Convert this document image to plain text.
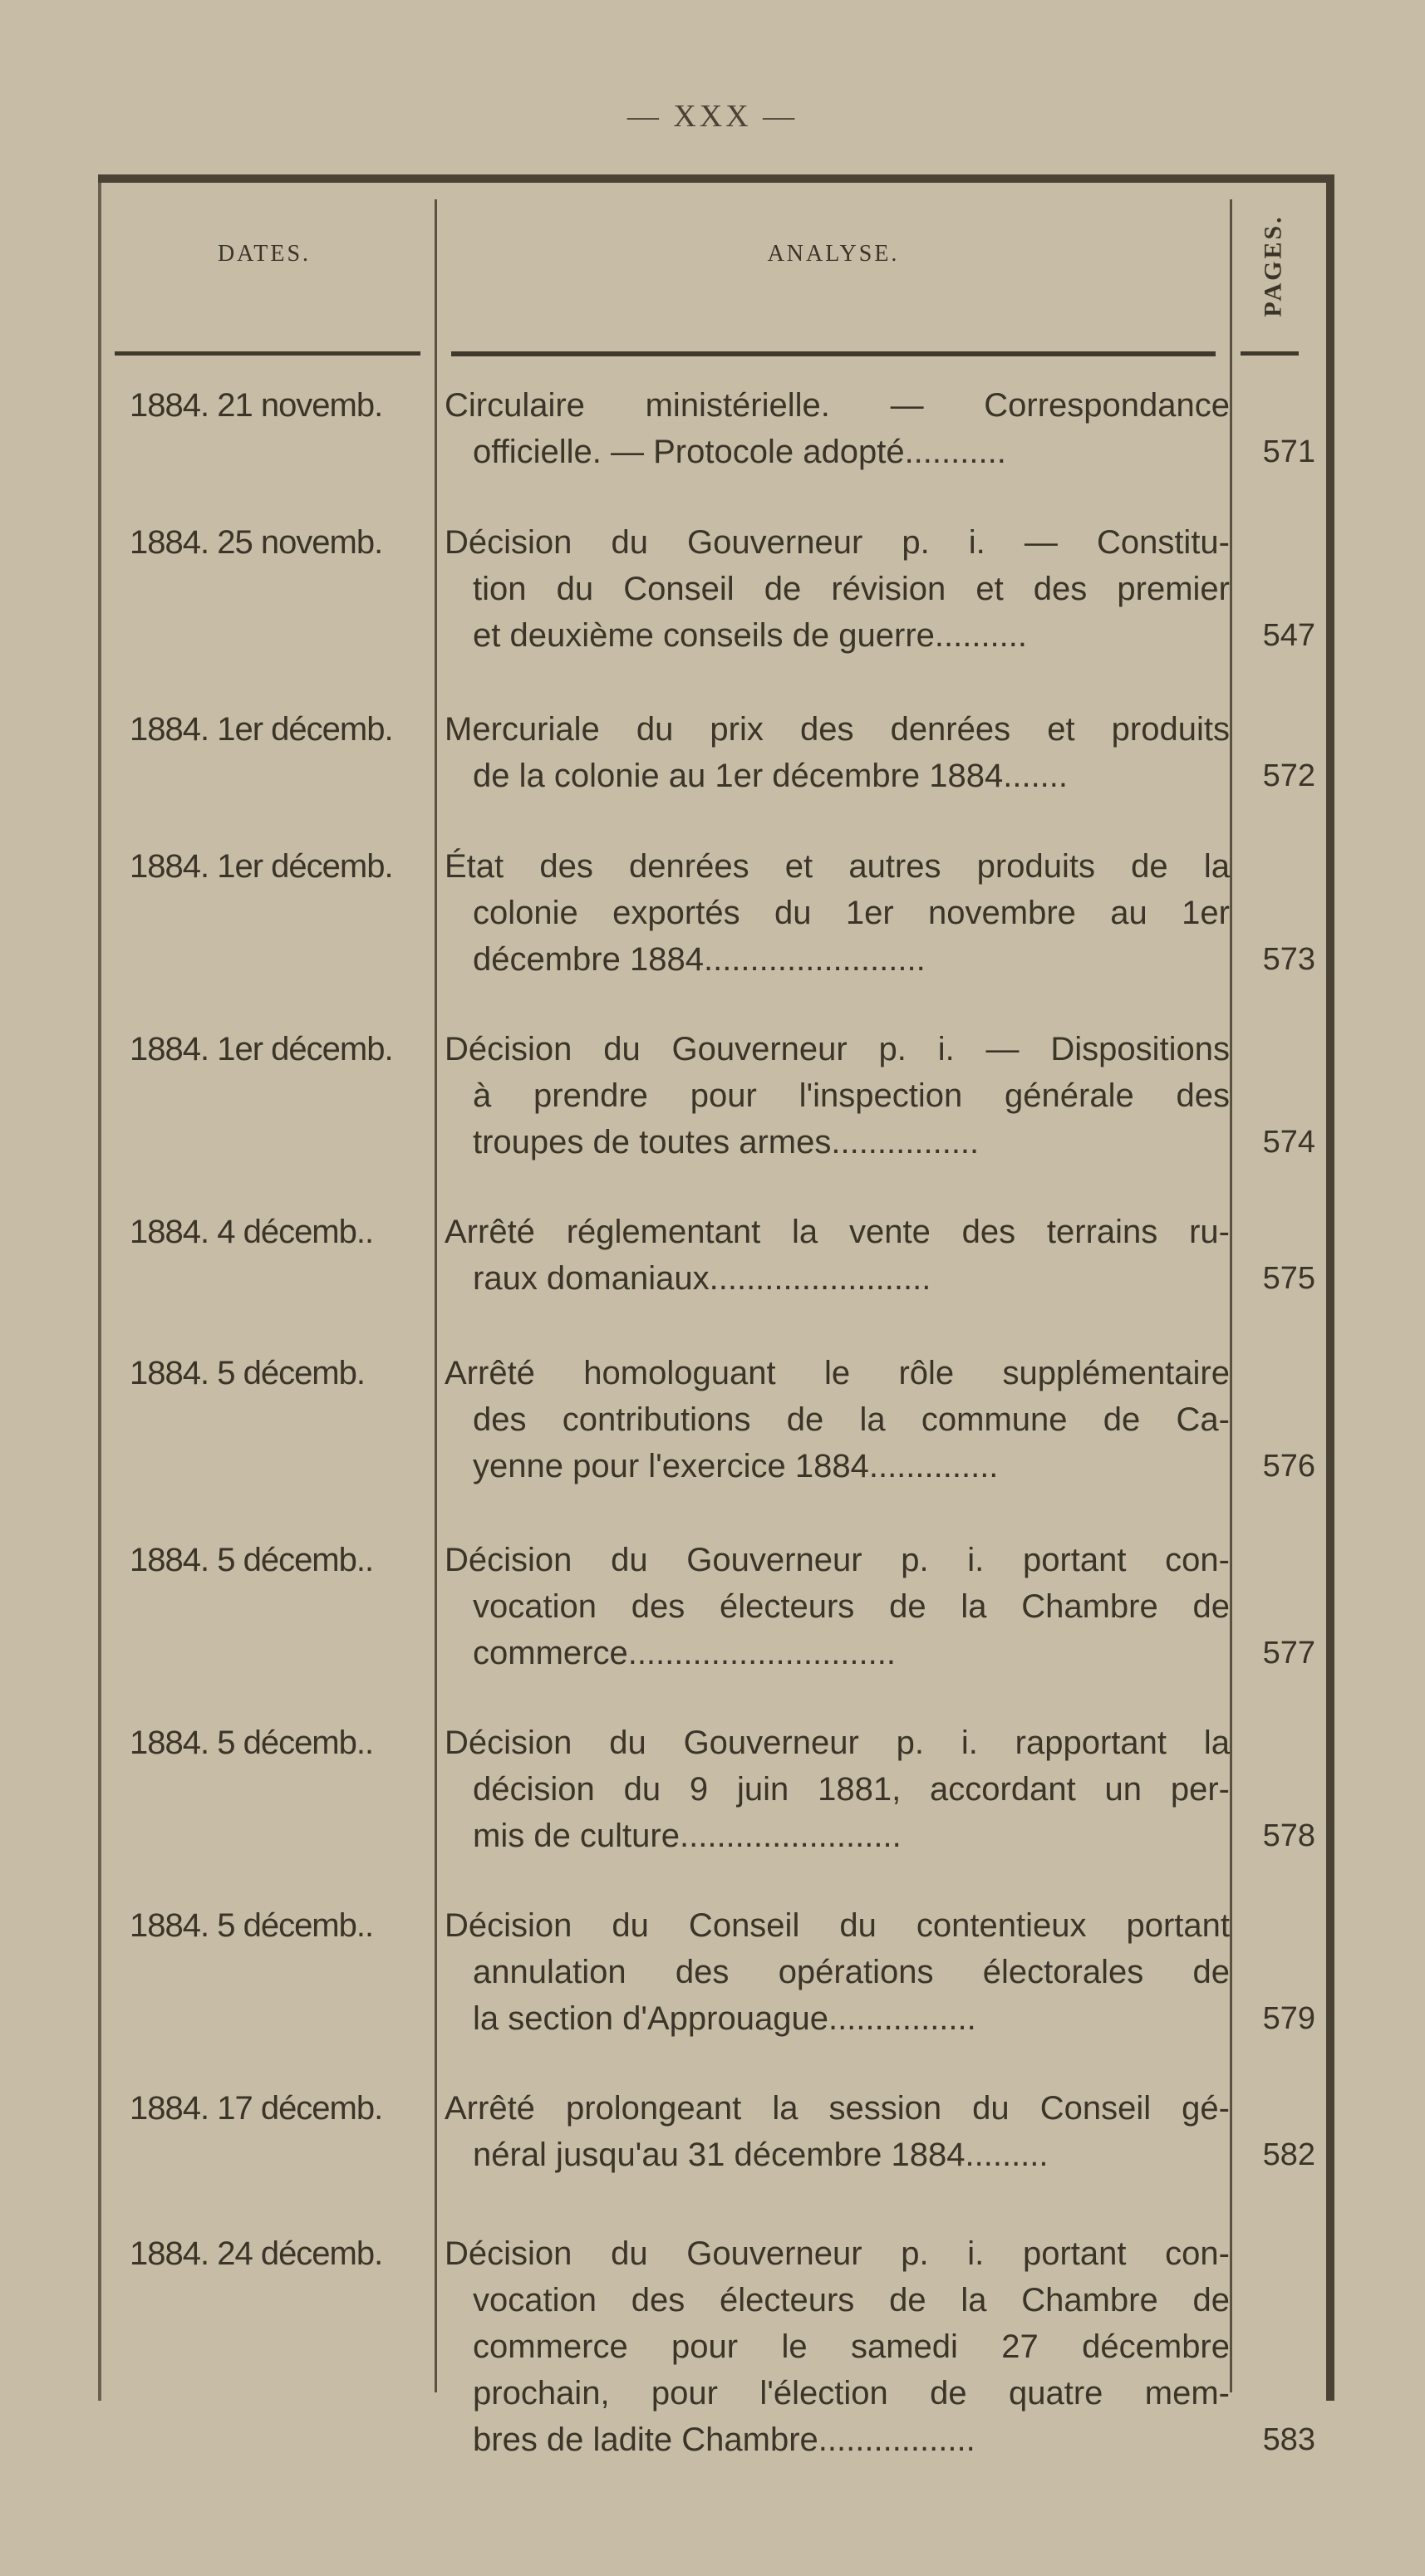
— XXX —
DATES.	ANALYSE.	PAGES.
1884. 21 novemb.	Circulaire ministérielle. — Correspondance
officielle. — Protocole adopté...........	571
1884. 25 novemb.	Décision du Gouverneur p. i. — Constitu-
tion du Conseil de révision et des premier
et deuxième conseils de guerre..........	547
1884. 1er décemb.	Mercuriale du prix des denrées et produits
de la colonie au 1er décembre 1884.......	572
1884. 1er décemb.	État des denrées et autres produits de la
colonie exportés du 1er novembre au 1er
décembre 1884........................	573
1884. 1er décemb.	Décision du Gouverneur p. i. — Dispositions
à prendre pour l'inspection générale des
troupes de toutes armes................	574
1884. 4 décemb..	Arrêté réglementant la vente des terrains ru-
raux domaniaux........................	575
1884. 5 décemb.	Arrêté homologuant le rôle supplémentaire
des contributions de la commune de Ca-
yenne pour l'exercice 1884..............	576
1884. 5 décemb..	Décision du Gouverneur p. i. portant con-
vocation des électeurs de la Chambre de
commerce.............................	577
1884. 5 décemb..	Décision du Gouverneur p. i. rapportant la
décision du 9 juin 1881, accordant un per-
mis de culture........................	578
1884. 5 décemb..	Décision du Conseil du contentieux portant
annulation des opérations électorales de
la section d'Approuague................	579
1884. 17 décemb.	Arrêté prolongeant la session du Conseil gé-
néral jusqu'au 31 décembre 1884.........	582
1884. 24 décemb.	Décision du Gouverneur p. i. portant con-
vocation des électeurs de la Chambre de
commerce pour le samedi 27 décembre
prochain, pour l'élection de quatre mem-
bres de ladite Chambre.................	583
